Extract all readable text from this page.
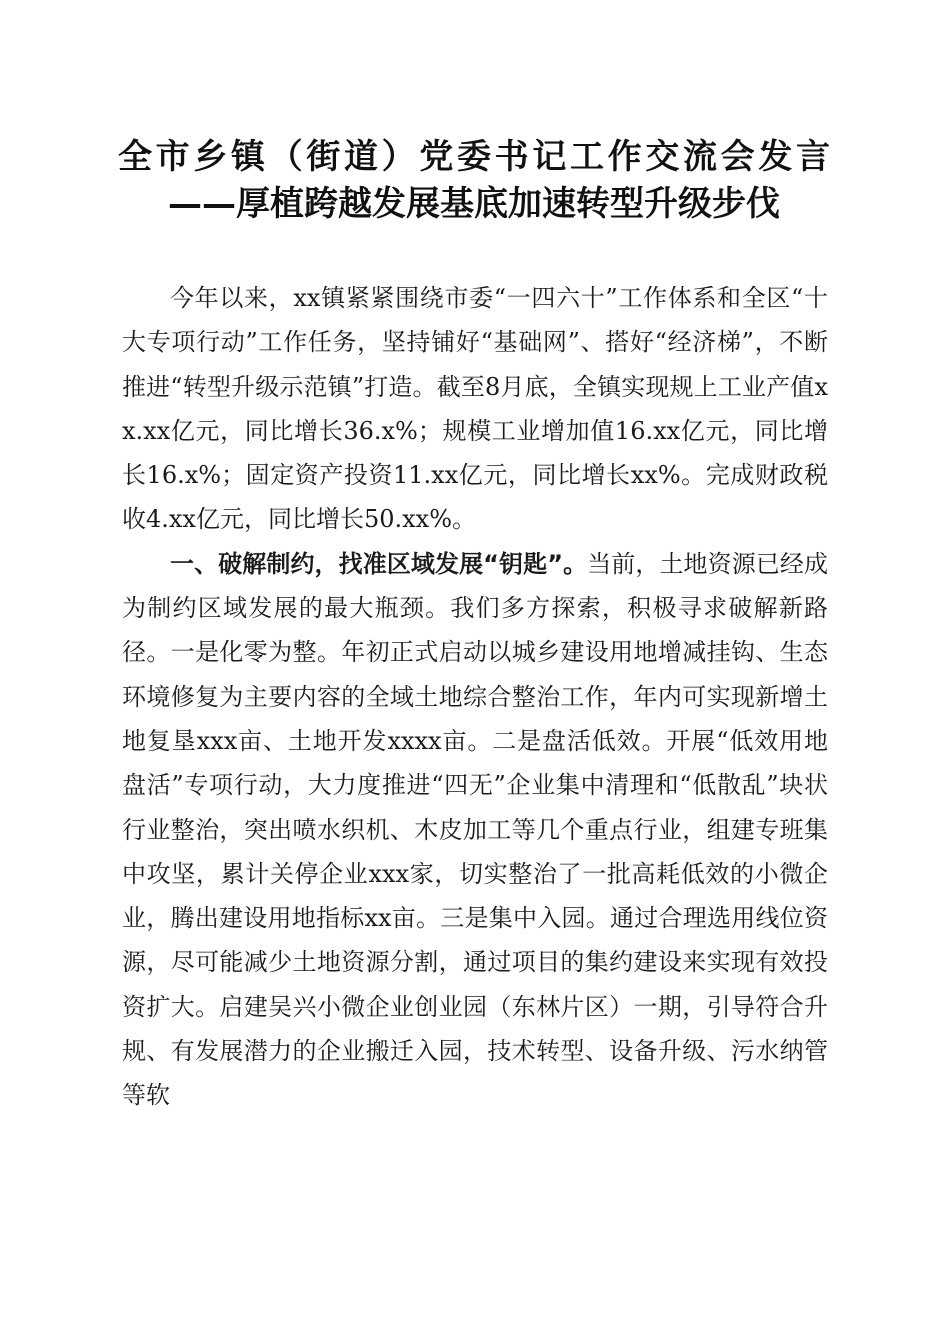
全市乡镇（街道）党委书记工作交流会发言——厚植跨越发展基底加速转型升级步伐

今年以来，xx镇紧紧围绕市委“一四六十”工作体系和全区“十大专项行动”工作任务，坚持铺好“基础网”、搭好“经济梯”，不断推进“转型升级示范镇”打造。截至8月底，全镇实现规上工业产值xx.xx亿元，同比增长36.x%；规模工业增加值16.xx亿元，同比增长16.x%；固定资产投资11.xx亿元，同比增长xx%。完成财政税收4.xx亿元，同比增长50.xx%。

一、破解制约，找准区域发展“钥匙”。当前，土地资源已经成为制约区域发展的最大瓶颈。我们多方探索，积极寻求破解新路径。一是化零为整。年初正式启动以城乡建设用地增减挂钩、生态环境修复为主要内容的全域土地综合整治工作，年内可实现新增土地复垦xxx亩、土地开发xxxx亩。二是盘活低效。开展“低效用地盘活”专项行动，大力度推进“四无”企业集中清理和“低散乱”块状行业整治，突出喷水织机、木皮加工等几个重点行业，组建专班集中攻坚，累计关停企业xxx家，切实整治了一批高耗低效的小微企业，腾出建设用地指标xx亩。三是集中入园。通过合理选用线位资源，尽可能减少土地资源分割，通过项目的集约建设来实现有效投资扩大。启建吴兴小微企业创业园（东林片区）一期，引导符合升规、有发展潜力的企业搬迁入园，技术转型、设备升级、污水纳管等软
